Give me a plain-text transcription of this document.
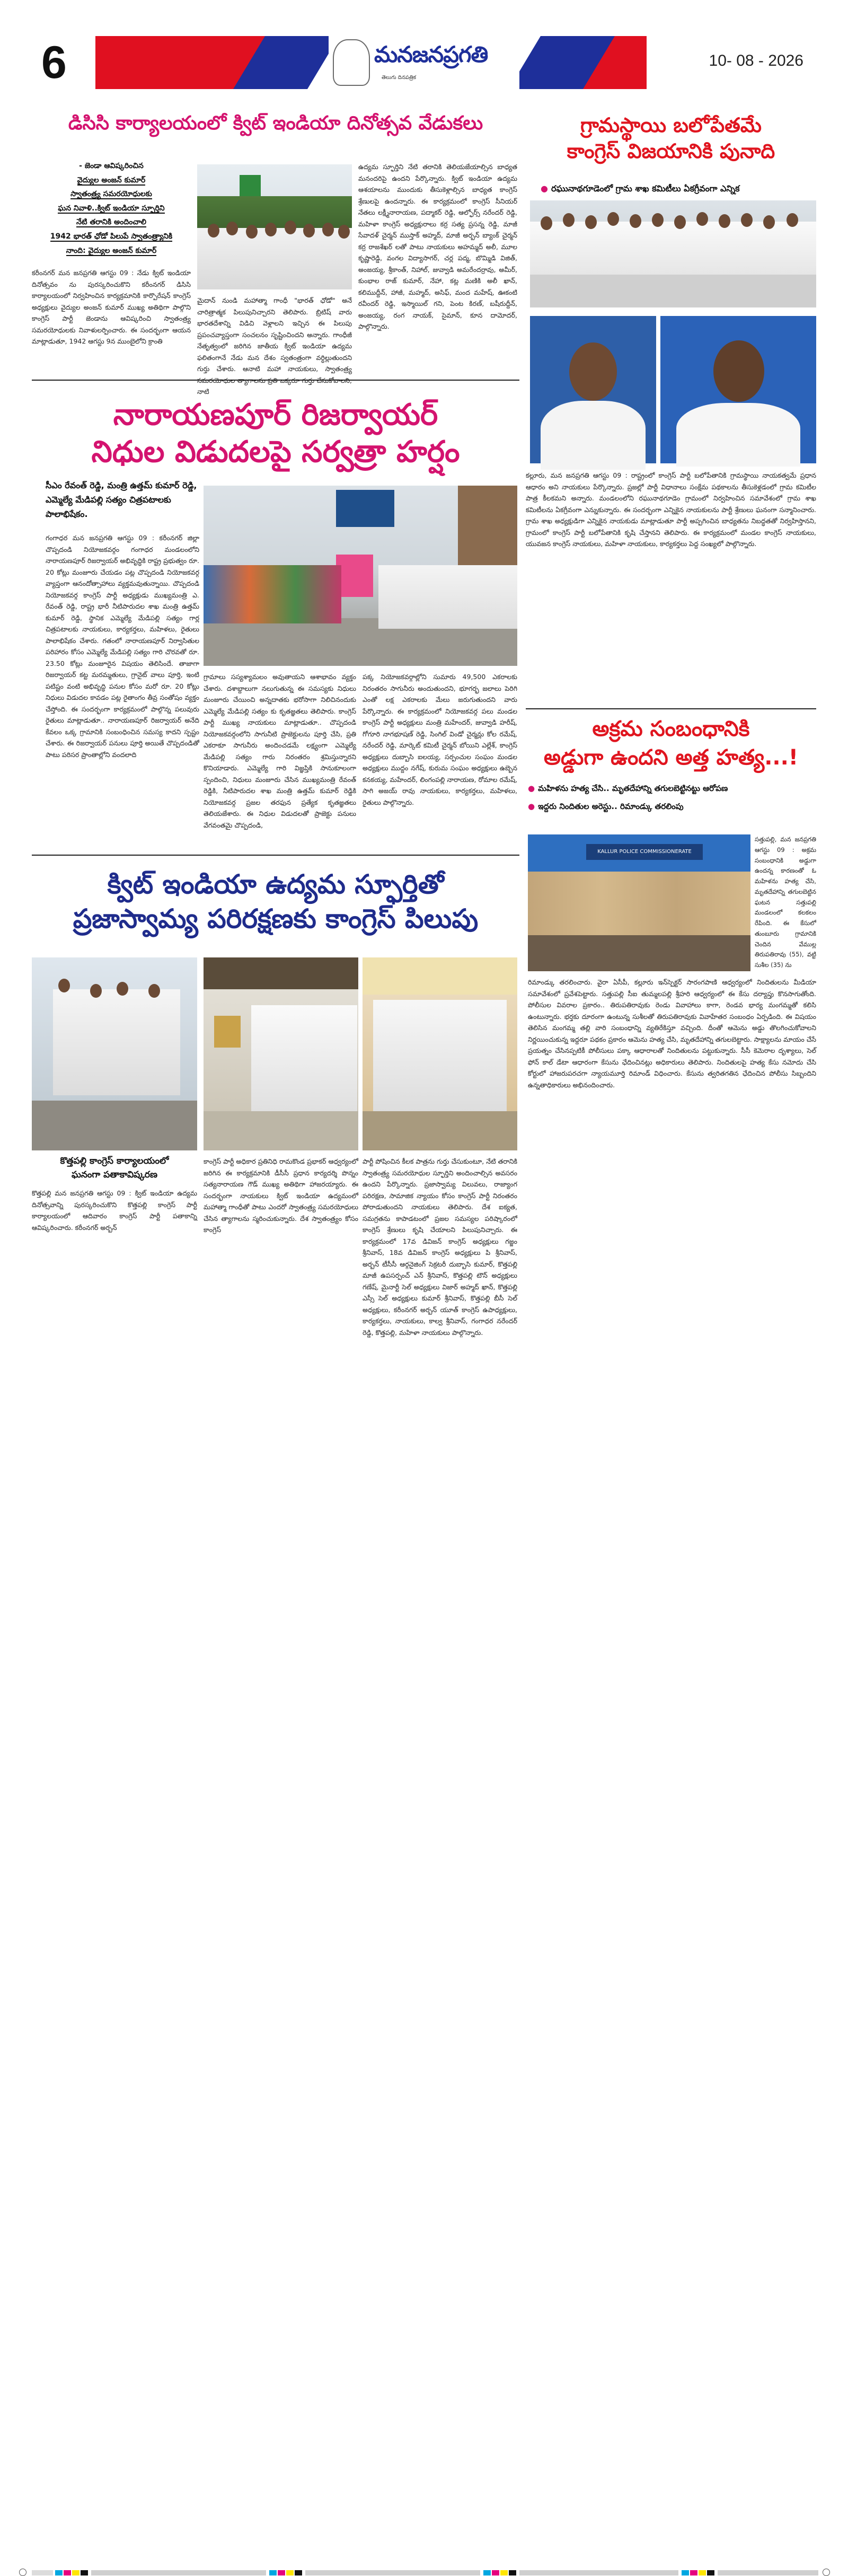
6	మనజనప్రగతి
తెలుగు దినపత్రిక
10- 08 - 2026
డిసిసి కార్యాలయంలో క్విట్ ఇండియా దినోత్సవ వేడుకలు
- జెండా ఆవిష్కరించిన
వైద్యుల అంజన్ కుమార్
స్వాతంత్ర్య సమరయోధులకు
ఘన నివాళి..క్విట్ ఇండియా స్ఫూర్తిని
నేటి తరానికి అందించాలి
1942 భారత్ ఛోడో పిలుపే స్వాతంత్ర్యానికి
నాంది: వైద్యుల అంజన్ కుమార్
కరీంనగర్ మన జనప్రగతి ఆగస్టు 09 : నేడు క్విట్ ఇండియా దినోత్సవం ను పురస్కరించుకొని కరీంనగర్ డిసిసి కార్యాలయంలో నిర్వహించిన కార్యక్రమానికి కార్పొరేషన్ కాంగ్రెస్ అధ్యక్షులు వైద్యుల అంజన్ కుమార్ ముఖ్య అతిథిగా పాల్గొని కాంగ్రెస్ పార్టీ జెండాను ఆవిష్కరించి స్వాతంత్ర్య సమరయోధులకు నివాళులర్పించారు. ఈ సందర్భంగా ఆయన మాట్లాడుతూ, 1942 ఆగస్టు 9న ముంబైలోని క్రాంతి
మైదాన్ నుండి మహాత్మా గాంధీ "భారత్ ఛోడో" అనే చారిత్రాత్మక పిలుపునిచ్చారని తెలిపారు. బ్రిటిష్ వారు భారతదేశాన్ని విడిచి వెళ్లాలని ఇచ్చిన ఈ పిలుపు ప్రపంచవ్యాప్తంగా సంచలనం సృష్టించిందని అన్నారు. గాంధీజీ నేతృత్వంలో జరిగిన జాతీయ క్విట్ ఇండియా ఉద్యమ ఫలితంగానే నేడు మన దేశం స్వతంత్రంగా వర్ధిల్లుతుందని గుర్తు చేశారు. ఆనాటి మహా నాయకులు, స్వాతంత్ర్య నాటి
ఉద్యమ స్ఫూర్తిని నేటి తరానికి తెలియజేయాల్సిన బాధ్యత మనందరిపై ఉందని పేర్కొన్నారు. క్విట్ ఇండియా ఉద్యమ ఆశయాలను ముందుకు తీసుకెళ్లాల్సిన బాధ్యత కాంగ్రెస్ శ్రేణులపై ఉందన్నారు. ఈ కార్యక్రమంలో కాంగ్రెస్ సీనియర్ నేతలు లక్ష్మీనారాయణ, పద్మాకర్ రెడ్డి, ఆల్ఫోర్స్ నరేందర్ రెడ్డి, మహిళా కాంగ్రెస్ అధ్యక్షురాలు కర్ర సత్య ప్రసన్న రెడ్డి, మాజీ సేవాదళ్ చైర్మన్ ముస్తాక్ అహ్మద్, మాజీ అర్బన్ బ్యాంక్ చైర్మన్ కర్ర రాజశేఖర్ లతో పాటు నాయకులు అహమ్మద్ అలీ, మూల కృష్ణారెడ్డి, వంగల విద్యాసాగర్, చర్ల పద్మ, బొమ్మిడి విజిత్, అంజయ్య, శ్రీకాంత్, నిహాల్, జువ్వాడి అమరేందర్రావు, అమీర్, కుంభాల రాజ్ కుమార్, నేహా, కట్ల మణికి అలీ ఖాన్, కలిముద్దీన్, హాజీ, మహ్మద్, అసిఫ్, మంద మహేష్, ఊకంటి రవీందర్ రెడ్డి, ఇస్మాయిల్ గని, పెంట కిరణ్, బషీరుద్దీన్, అంజయ్య, రంగ నాయక్, సైమాన్, కూన దామోదర్, పాల్గొన్నారు.
గ్రామస్థాయి బలోపేతమే
కాంగ్రెస్ విజయానికి పునాది
● రఘునాథగూడెంలో గ్రామ శాఖ కమిటీలు ఏకగ్రీవంగా ఎన్నిక
కల్లూరు, మన జనప్రగతి ఆగస్టు 09 : రాష్ట్రంలో కాంగ్రెస్ పార్టీ బలోపేతానికి గ్రామస్థాయి నాయకత్వమే ప్రధాన ఆధారం అని నాయకులు పేర్కొన్నారు. ప్రజల్లో పార్టీ విధానాలు సంక్షేమ పథకాలను తీసుకెళ్లడంలో గ్రామ కమిటీల పాత్ర కీలకమని అన్నారు. మండలంలోని రఘునాథగూడెం గ్రామంలో నిర్వహించిన సమావేశంలో గ్రామ శాఖ కమిటీలను ఏకగ్రీవంగా ఎన్నుకున్నారు. ఈ సందర్భంగా ఎన్నికైన నాయకులను పార్టీ శ్రేణులు ఘనంగా సన్మానించారు. గ్రామ శాఖ అధ్యక్షుడిగా ఎన్నికైన నాయకుడు మాట్లాడుతూ పార్టీ అప్పగించిన బాధ్యతను నిబద్ధతతో నిర్వహిస్తానని, గ్రామంలో కాంగ్రెస్ పార్టీ బలోపేతానికి కృషి చేస్తానని తెలిపారు. ఈ కార్యక్రమంలో మండల కాంగ్రెస్ నాయకులు, యువజన కాంగ్రెస్ నాయకులు, మహిళా నాయకులు, కార్యకర్తలు పెద్ద సంఖ్యలో పాల్గొన్నారు.
నారాయణపూర్ రిజర్వాయర్
నిధుల విడుదలపై సర్వత్రా హర్షం
సీఎం రేవంత్ రెడ్డి, మంత్రి ఉత్తమ్ కుమార్ రెడ్డి, ఎమ్మెల్యే మేడిపల్లి సత్యం చిత్రపటాలకు పాలాభిషేకం.
గంగాధర మన జనప్రగతి ఆగస్టు 09 : కరీంనగర్ జిల్లా చొప్పదండి నియోజకవర్గం గంగాధర మండలంలోని నారాయణపూర్ రిజర్వాయర్ అభివృద్ధికి రాష్ట్ర ప్రభుత్వం రూ. 20 కోట్లు మంజూరు చేయడం పట్ల చొప్పదండి నియోజకవర్గ వ్యాప్తంగా ఆనందోత్సాహాలు వ్యక్తమవుతున్నాయి. చొప్పదండి నియోజకవర్గ కాంగ్రెస్ పార్టీ అధ్యక్షుడు ముఖ్యమంత్రి ఎ. రేవంత్ రెడ్డి, రాష్ట్ర భారీ నీటిపారుదల శాఖ మంత్రి ఉత్తమ్ కుమార్ రెడ్డి, స్థానిక ఎమ్మెల్యే మేడిపల్లి సత్యం గార్ల చిత్రపటాలకు నాయకులు, కార్యకర్తలు, మహిళలు, రైతులు పాలాభిషేకం చేశారు. గతంలో నారాయణపూర్ నిర్వాసితుల పరిహారం కోసం ఎమ్మెల్యే మేడిపల్లి సత్యం గారి చొరవతో రూ. 23.50 కోట్లు మంజూరైన విషయం తెలిసిందే. తాజాగా రిజర్వాయర్ కట్ట మరమ్మతులు, గ్రానైట్ వాలు పూర్తి, ఇంటి పటిష్టం వంటి అభివృద్ధి పనుల కోసం మరో రూ. 20 కోట్లు నిధులు విడుదల కావడం పట్ల రైతాంగం తీవ్ర సంతోషం వ్యక్తం చేస్తోంది. ఈ సందర్భంగా కార్యక్రమంలో పాల్గొన్న పలువురు రైతులు మాట్లాడుతూ.. నారాయణపూర్ రిజర్వాయర్ అనేది కేవలం ఒక్క గ్రామానికి సంబంధించిన సమస్య కాదని స్పష్టం చేశారు. ఈ రిజర్వాయర్ పనులు పూర్తి అయితే చొప్పదండితో పాటు పరిసర ప్రాంతాల్లోని వందలాది
గ్రామాలు సస్యశ్యామలం అవుతాయని ఆశాభావం వ్యక్తం చేశారు. దశాబ్దాలుగా నలుగుతున్న ఈ సమస్యకు నిధులు మంజూరు చేయించి అన్నదాతకు భరోసాగా నిలిచినందుకు ఎమ్మెల్యే మేడిపల్లి సత్యం కు కృతజ్ఞతలు తెలిపారు. కాంగ్రెస్ పార్టీ ముఖ్య నాయకులు మాట్లాడుతూ.. చొప్పదండి నియోజకవర్గంలోని సాగునీటి ప్రాజెక్టులను పూర్తి చేసి, ప్రతి ఎకరాకూ సాగునీరు అందించడమే లక్ష్యంగా ఎమ్మెల్యే మేడిపల్లి సత్యం గారు నిరంతరం శ్రమిస్తున్నారని కొనియాడారు. ఎమ్మెల్యే గారి విజ్ఞప్తికి సానుకూలంగా స్పందించి, నిధులు మంజూరు చేసిన ముఖ్యమంత్రి రేవంత్ రెడ్డికి, నీటిపారుదల శాఖ మంత్రి ఉత్తమ్ కుమార్ రెడ్డికి నియోజకవర్గ ప్రజల తరఫున ప్రత్యేక కృతజ్ఞతలు తెలియజేశారు. ఈ నిధుల విడుదలతో ప్రాజెక్టు పనులు వేగవంతమై చొప్పదండి,
పక్క నియోజకవర్గాల్లోని సుమారు 49,500 ఎకరాలకు నిరంతరం సాగునీరు అందుతుందని, భూగర్భ జలాలు పెరిగి ఎంతో లక్ష ఎకరాలకు మేలు జరుగుతుందని వారు పేర్కొన్నారు. ఈ కార్యక్రమంలో నియోజకవర్గ పలు మండల కాంగ్రెస్ పార్టీ అధ్యక్షులు మంత్రి మహేందర్, జువ్వాడి హరీష్, గోగూరి నాగభూషణ్ రెడ్డి, సింగిల్ విండో చైర్మన్లు కోల రమేష్, నరేందర్ రెడ్డి, మార్కెట్ కమిటీ చైర్మన్ బోయిని ఎల్లేశ్, కాంగ్రెస్ అధ్యక్షులు దుబ్బాసి ఐలయ్య, సర్పంచుల సంఘం మండల అధ్యక్షులు ముద్దం నగేష్, కురుమ సంఘం అధ్యక్షులు ఉబ్బెన కనకయ్య, మహేందర్, లింగంపల్లి నారాయణ, రోమాల రమేష్, సాగి అజయ్ రావు నాయకులు, కార్యకర్తలు, మహిళలు, రైతులు పాల్గొన్నారు.
అక్రమ సంబంధానికి
అడ్డుగా ఉందని అత్త హత్య...!
● మహిళను హత్య చేసి.. మృతదేహాన్ని తగులబెట్టినట్టు ఆరోపణ
● ఇద్దరు నిందితుల అరెస్టు.. రిమాండ్కు తరలింపు
KALLUR POLICE COMMISSIONERATE
సత్తుపల్లి, మన జనప్రగతి ఆగస్టు 09 : అక్రమ సంబంధానికి అడ్డుగా ఉందన్న కారణంతో ఓ మహిళను హత్య చేసి, మృతదేహాన్ని తగులబెట్టిన ఘటన సత్తుపల్లి మండలంలో కలకలం రేపింది. ఈ కేసులో తుంబూరు గ్రామానికి చెందిన వేముల్ల తిరుపతిరావు (55), వట్టి సుశీల (35) ను
రిమాండ్కు తరలించారు. వైరా ఏసీపీ, కల్లూరు ఇన్‌స్పెక్టర్ సారంగపాణి ఆధ్వర్యంలో నిందితులను మీడియా సమావేశంలో ప్రవేశపెట్టారు. సత్తుపల్లి సీఐ తుమ్మలపల్లి శ్రీహరి ఆధ్వర్యంలో ఈ కేసు దర్యాప్తు కొనసాగుతోంది. పోలీసుల వివరాల ప్రకారం.. తిరుపతిరావుకు రెండు వివాహాలు కాగా, రెండవ భార్య మంగమ్మతో కలిసి ఉంటున్నారు. భర్తకు దూరంగా ఉంటున్న సుశీలతో తిరుపతిరావుకు వివాహేతర సంబంధం ఏర్పడింది. ఈ విషయం తెలిసిన మంగమ్మ తల్లి వారి సంబంధాన్ని వ్యతిరేకిస్తూ వచ్చింది. దీంతో ఆమెను అడ్డు తొలగించుకోవాలని నిర్ణయించుకున్న ఇద్దరూ పథకం ప్రకారం ఆమెను హత్య చేసి, మృతదేహాన్ని తగులబెట్టారు. సాక్ష్యాలను మాయం చేసే ప్రయత్నం చేసినప్పటికీ పోలీసులు పక్కా ఆధారాలతో నిందితులను పట్టుకున్నారు. సీసీ కెమెరాల దృశ్యాలు, సెల్ ఫోన్ కాల్ డేటా ఆధారంగా కేసును ఛేదించినట్లు అధికారులు తెలిపారు. నిందితులపై హత్య కేసు నమోదు చేసి కోర్టులో హాజరుపరచగా న్యాయమూర్తి రిమాండ్ విధించారు. కేసును త్వరితగతిన ఛేదించిన పోలీసు సిబ్బందిని ఉన్నతాధికారులు అభినందించారు.
క్విట్ ఇండియా ఉద్యమ స్ఫూర్తితో
ప్రజాస్వామ్య పరిరక్షణకు కాంగ్రెస్ పిలుపు
కొత్తపల్లి కాంగ్రెస్ కార్యాలయంలో
ఘనంగా పతాకావిష్కరణ
కొత్తపల్లి మన జనప్రగతి ఆగస్టు 09 : క్విట్ ఇండియా ఉద్యమ దినోత్సవాన్ని పురస్కరించుకొని కొత్తపల్లి కాంగ్రెస్ పార్టీ కార్యాలయంలో ఆదివారం కాంగ్రెస్ పార్టీ పతాకాన్ని ఆవిష్కరించారు. కరీంనగర్ అర్బన్
కాంగ్రెస్ పార్టీ అధికార ప్రతినిధి రామకొండ ప్రభాకర్ ఆధ్వర్యంలో జరిగిన ఈ కార్యక్రమానికి డీసీసీ ప్రధాన కార్యదర్శి పొన్నం సత్యనారాయణ గౌడ్ ముఖ్య అతిథిగా హాజరయ్యారు. ఈ సందర్భంగా నాయకులు క్విట్ ఇండియా ఉద్యమంలో మహాత్మా గాంధీతో పాటు ఎందరో స్వాతంత్ర్య సమరయోధులు చేసిన త్యాగాలను స్మరించుకున్నారు. దేశ స్వాతంత్ర్యం కోసం కాంగ్రెస్
పార్టీ పోషించిన కీలక పాత్రను గుర్తు చేసుకుంటూ, నేటి తరానికి స్వాతంత్ర్య సమరయోధుల స్ఫూర్తిని అందించాల్సిన అవసరం ఉందని పేర్కొన్నారు. ప్రజాస్వామ్య విలువలు, రాజ్యాంగ పరిరక్షణ, సామాజిక న్యాయం కోసం కాంగ్రెస్ పార్టీ నిరంతరం పోరాడుతుందని నాయకులు తెలిపారు. దేశ ఐక్యత, సమగ్రతను కాపాడటంలో ప్రజల సమస్యల పరిష్కారంలో కాంగ్రెస్ శ్రేణులు కృషి చేయాలని పిలుపునిచ్చారు. ఈ కార్యక్రమంలో 17వ డివిజన్ కాంగ్రెస్ అధ్యక్షులు గజ్జం శ్రీనివాస్, 18వ డివిజన్ కాంగ్రెస్ అధ్యక్షులు పి శ్రీనివాస్, అర్బన్ టీసీసీ ఆర్గనైజింగ్ సెక్రటరీ దుబ్బాసి కుమార్, కొత్తపల్లి మాజీ ఉపసర్పంచ్ ఎన్ శ్రీనివాస్, కొత్తపల్లి టౌన్ అధ్యక్షులు గణేష్, మైనార్టీ సెల్ అధ్యక్షులు విజార్ అహ్మద్ ఖాన్, కొత్తపల్లి ఎస్సీ సెల్ అధ్యక్షులు కుమార్ శ్రీనివాస్, కొత్తపల్లి బీసీ సెల్ అధ్యక్షులు, కరీంనగర్ అర్బన్ యూత్ కాంగ్రెస్ ఉపాధ్యక్షులు, కార్యకర్తలు, నాయకులు, కాల్వ శ్రీనివాస్, గంగాధర నరేందర్ రెడ్డి, కొత్తపల్లి, మహిళా నాయకులు పాల్గొన్నారు.
